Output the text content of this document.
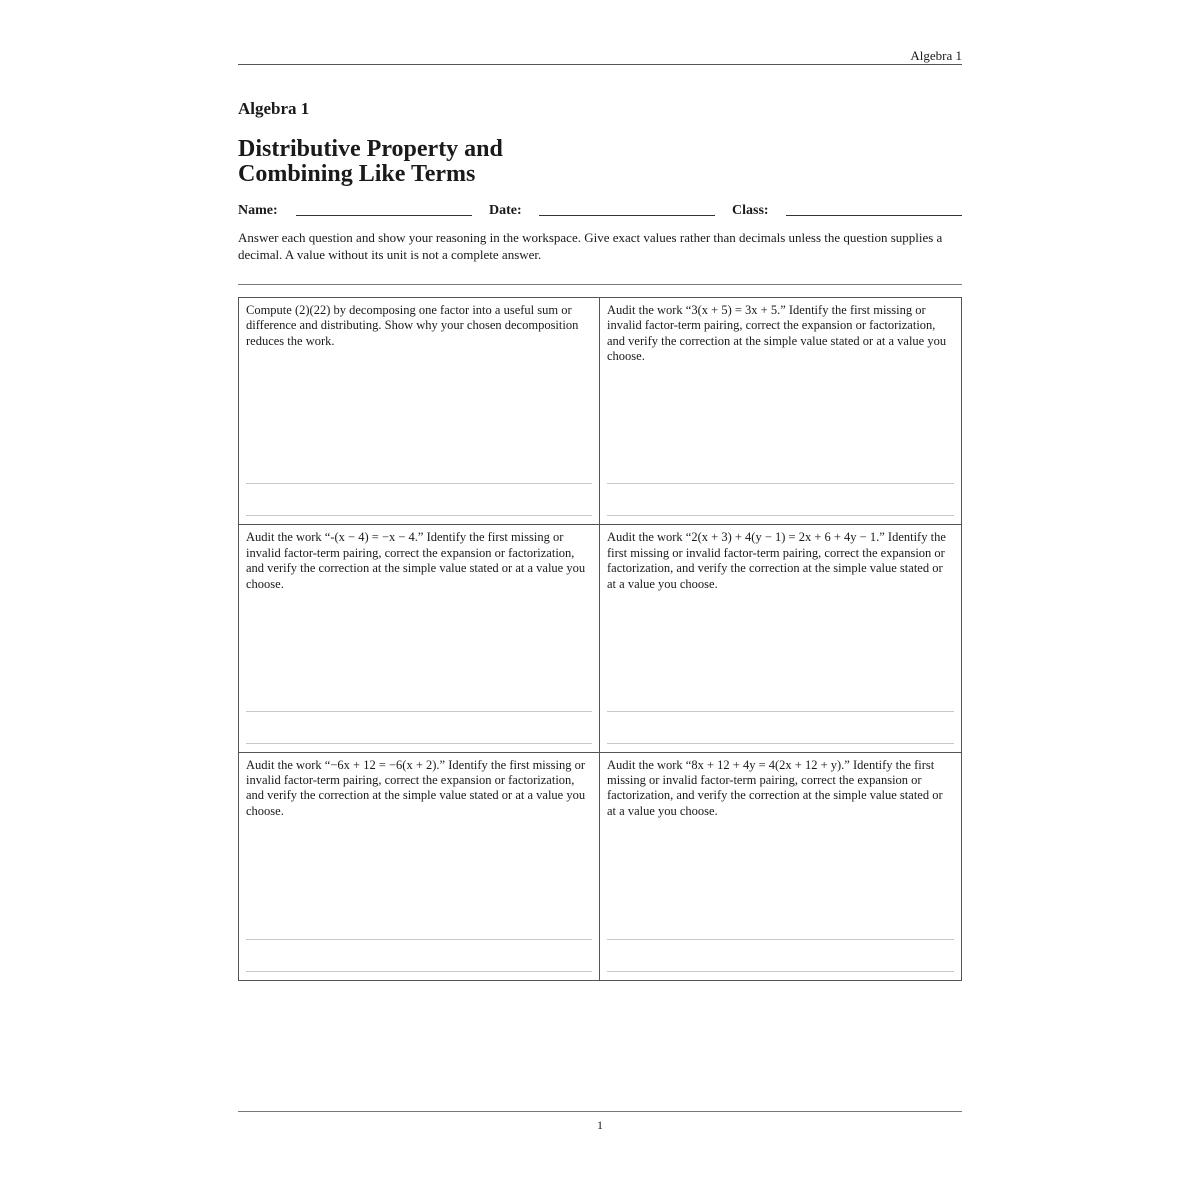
Algebra 1
Algebra 1
Distributive Property and
Combining Like Terms
Name:	Date:	Class:

Answer each question and show your reasoning in the workspace. Give exact values rather than decimals unless the question supplies a decimal. A value without its unit is not a complete answer.

Compute (2)(22) by decomposing one factor into a useful sum or difference and distributing. Show why your chosen decomposition reduces the work.

Audit the work “3(x + 5) = 3x + 5.” Identify the first missing or invalid factor-term pairing, correct the expansion or factorization, and verify the correction at the simple value stated or at a value you choose.

Audit the work “-(x − 4) = −x − 4.” Identify the first missing or invalid factor-term pairing, correct the expansion or factorization, and verify the correction at the simple value stated or at a value you choose.

Audit the work “2(x + 3) + 4(y − 1) = 2x + 6 + 4y − 1.” Identify the first missing or invalid factor-term pairing, correct the expansion or factorization, and verify the correction at the simple value stated or at a value you choose.

Audit the work “−6x + 12 = −6(x + 2).” Identify the first missing or invalid factor-term pairing, correct the expansion or factorization, and verify the correction at the simple value stated or at a value you choose.

Audit the work “8x + 12 + 4y = 4(2x + 12 + y).” Identify the first missing or invalid factor-term pairing, correct the expansion or factorization, and verify the correction at the simple value stated or at a value you choose.

1
